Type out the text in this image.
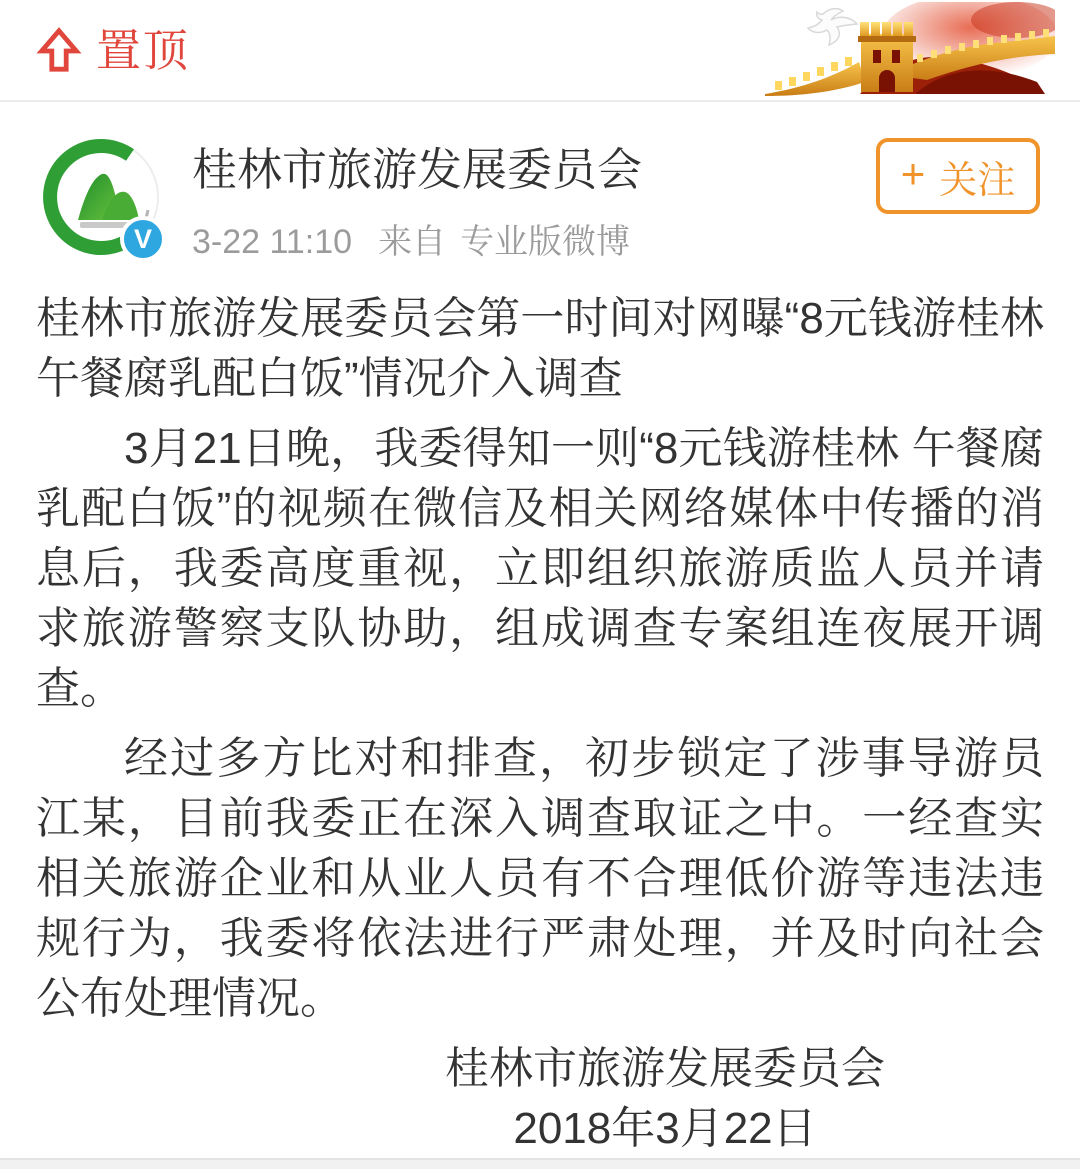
置顶
V
桂林市旅游发展委员会
3-22 11:10 来自 专业版微博
+ 关注

桂林市旅游发展委员会第一时间对网曝“8元钱游桂林 午餐腐乳配白饭”情况介入调查

3月21日晚，我委得知一则“8元钱游桂林 午餐腐乳配白饭”的视频在微信及相关网络媒体中传播的消息后，我委高度重视，立即组织旅游质监人员并请求旅游警察支队协助，组成调查专案组连夜展开调查。

经过多方比对和排查，初步锁定了涉事导游员江某，目前我委正在深入调查取证之中。一经查实相关旅游企业和从业人员有不合理低价游等违法违规行为，我委将依法进行严肃处理，并及时向社会公布处理情况。

桂林市旅游发展委员会

2018年3月22日
